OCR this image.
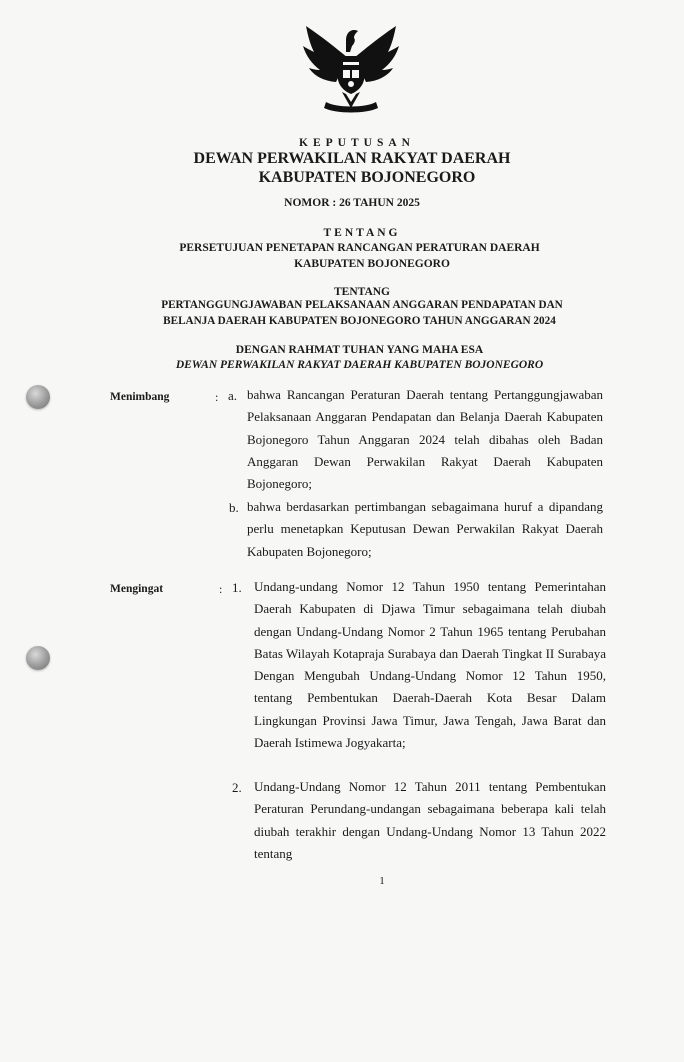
KEPUTUSAN
DEWAN PERWAKILAN RAKYAT DAERAH
KABUPATEN BOJONEGORO
NOMOR : 26 TAHUN 2025
TENTANG
PERSETUJUAN PENETAPAN RANCANGAN PERATURAN DAERAH
KABUPATEN BOJONEGORO
TENTANG
PERTANGGUNGJAWABAN PELAKSANAAN ANGGARAN PENDAPATAN DAN
BELANJA DAERAH KABUPATEN BOJONEGORO TAHUN ANGGARAN 2024
DENGAN RAHMAT TUHAN YANG MAHA ESA
DEWAN PERWAKILAN RAKYAT DAERAH KABUPATEN BOJONEGORO
Menimbang	: a. bahwa Rancangan Peraturan Daerah tentang Pertanggungjawaban Pelaksanaan Anggaran Pendapatan dan Belanja Daerah Kabupaten Bojonegoro Tahun Anggaran 2024 telah dibahas oleh Badan Anggaran Dewan Perwakilan Rakyat Daerah Kabupaten Bojonegoro;
b. bahwa berdasarkan pertimbangan sebagaimana huruf a dipandang perlu menetapkan Keputusan Dewan Perwakilan Rakyat Daerah Kabupaten Bojonegoro;
Mengingat	: 1. Undang-undang Nomor 12 Tahun 1950 tentang Pemerintahan Daerah Kabupaten di Djawa Timur sebagaimana telah diubah dengan Undang-Undang Nomor 2 Tahun 1965 tentang Perubahan Batas Wilayah Kotapraja Surabaya dan Daerah Tingkat II Surabaya Dengan Mengubah Undang-Undang Nomor 12 Tahun 1950, tentang Pembentukan Daerah-Daerah Kota Besar Dalam Lingkungan Provinsi Jawa Timur, Jawa Tengah, Jawa Barat dan Daerah Istimewa Jogyakarta;
2. Undang-Undang Nomor 12 Tahun 2011 tentang Pembentukan Peraturan Perundang-undangan sebagaimana beberapa kali telah diubah terakhir dengan Undang-Undang Nomor 13 Tahun 2022 tentang
1
